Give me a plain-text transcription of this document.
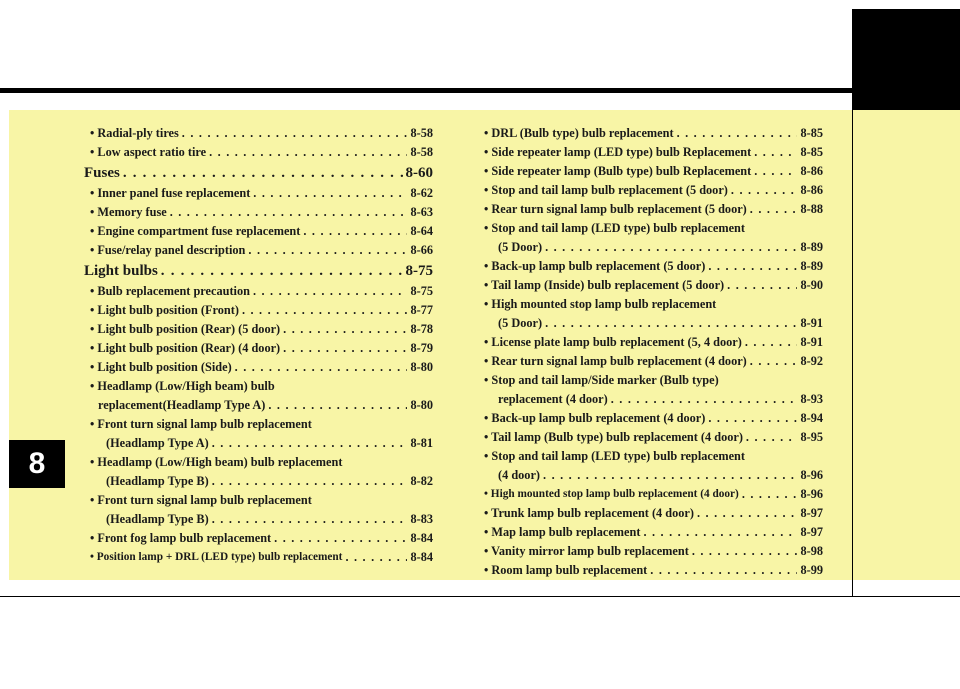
8
• Radial-ply tires . . .	8-58
• Low aspect ratio tire . . .	8-58
Fuses . . .	8-60
• Inner panel fuse replacement . . .	8-62
• Memory fuse . . .	8-63
• Engine compartment fuse replacement . . .	8-64
• Fuse/relay panel description . . .	8-66
Light bulbs . . .	8-75
• Bulb replacement precaution . . .	8-75
• Light bulb position (Front) . . .	8-77
• Light bulb position (Rear) (5 door) . . .	8-78
• Light bulb position (Rear) (4 door) . . .	8-79
• Light bulb position (Side) . . .	8-80
• Headlamp (Low/High beam) bulb
replacement(Headlamp Type A) . . .	8-80
• Front turn signal lamp bulb replacement
(Headlamp Type A) . . .	8-81
• Headlamp (Low/High beam) bulb replacement
(Headlamp Type B) . . .	8-82
• Front turn signal lamp bulb replacement
(Headlamp Type B) . . .	8-83
• Front fog lamp bulb replacement . . .	8-84
• Position lamp + DRL (LED type) bulb replacement . . .	8-84
• DRL (Bulb type) bulb replacement . . .	8-85
• Side repeater lamp (LED type) bulb Replacement . . .	8-85
• Side repeater lamp (Bulb type) bulb Replacement . . .	8-86
• Stop and tail lamp bulb replacement (5 door) . . .	8-86
• Rear turn signal lamp bulb replacement (5 door) . . .	8-88
• Stop and tail lamp (LED type) bulb replacement
(5 Door) . . .	8-89
• Back-up lamp bulb replacement (5 door) . . .	8-89
• Tail lamp (Inside) bulb replacement (5 door) . . .	8-90
• High mounted stop lamp bulb replacement
(5 Door) . . .	8-91
• License plate lamp bulb replacement (5, 4 door) . . .	8-91
• Rear turn signal lamp bulb replacement (4 door) . . .	8-92
• Stop and tail lamp/Side marker (Bulb type)
replacement (4 door) . . .	8-93
• Back-up lamp bulb replacement (4 door) . . .	8-94
• Tail lamp (Bulb type) bulb replacement (4 door) . . .	8-95
• Stop and tail lamp (LED type) bulb replacement
(4 door) . . .	8-96
• High mounted stop lamp bulb replacement (4 door) . . .	8-96
• Trunk lamp bulb replacement (4 door) . . .	8-97
• Map lamp bulb replacement . . .	8-97
• Vanity mirror lamp bulb replacement . . .	8-98
• Room lamp bulb replacement . . .	8-99
